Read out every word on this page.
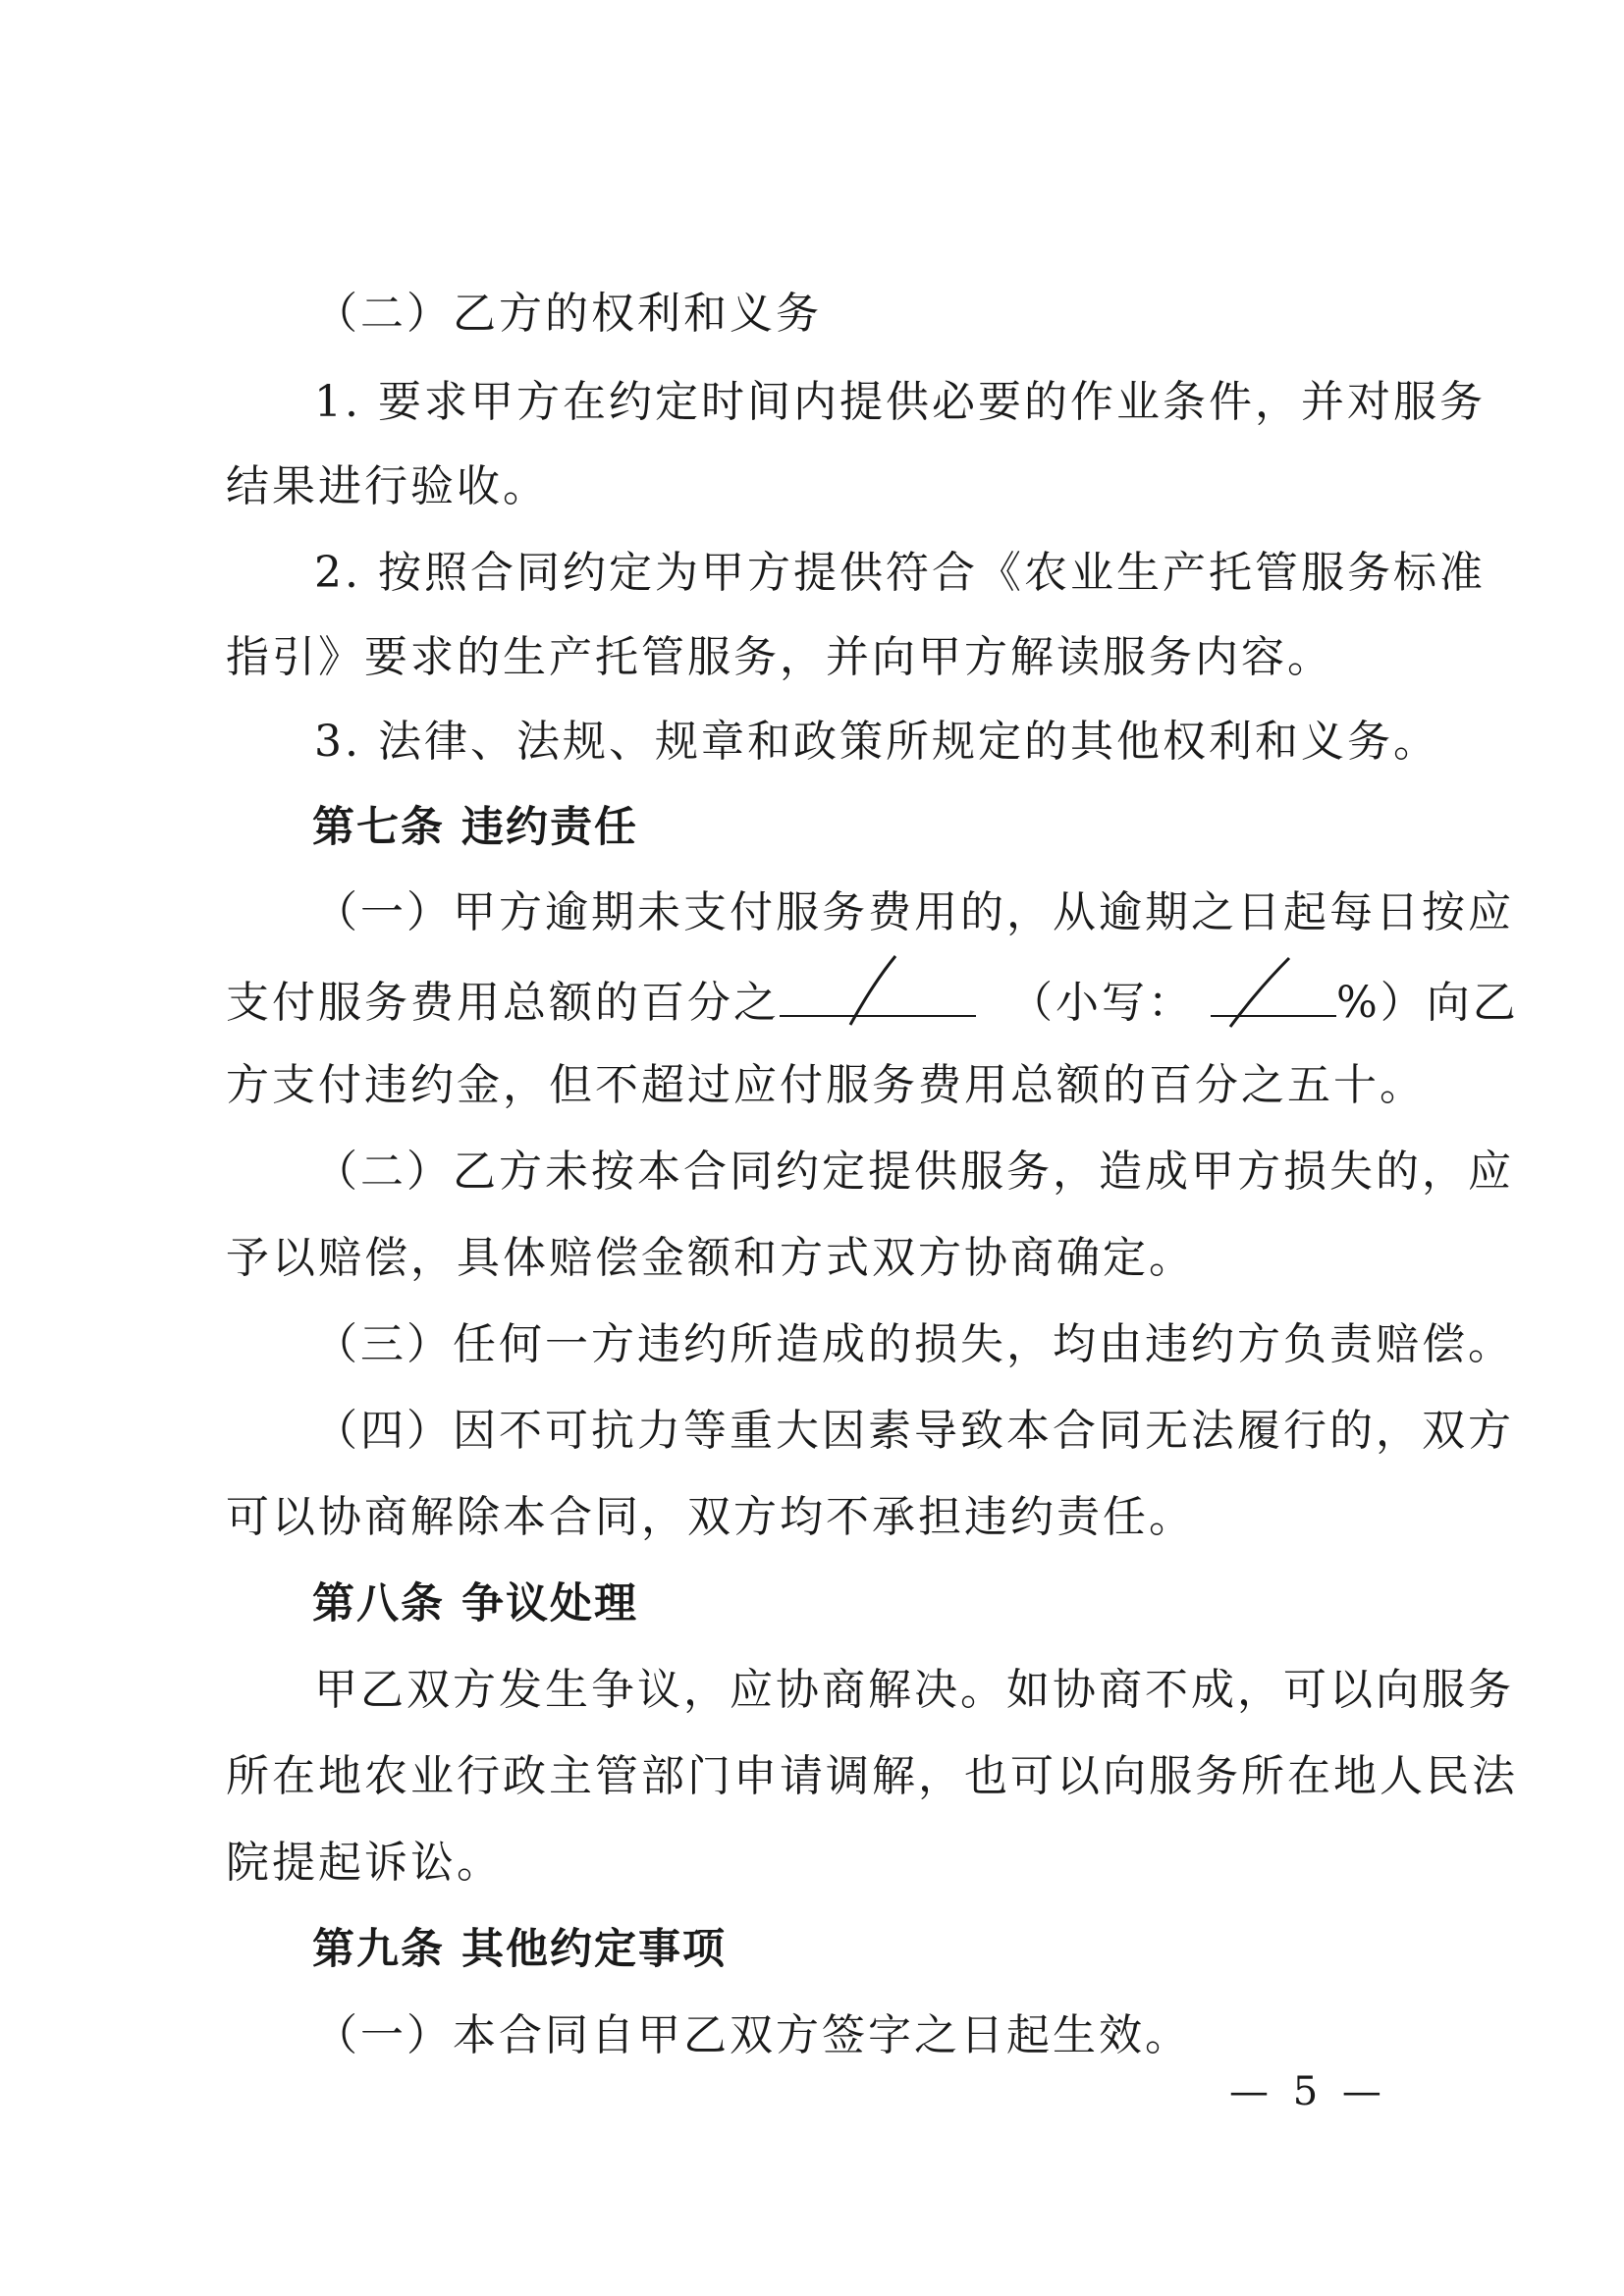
（二）乙方的权利和义务
1. 要求甲方在约定时间内提供必要的作业条件，并对服务
结果进行验收。
2. 按照合同约定为甲方提供符合《农业生产托管服务标准
指引》要求的生产托管服务，并向甲方解读服务内容。
3. 法律、法规、规章和政策所规定的其他权利和义务。
第七条 违约责任
（一）甲方逾期未支付服务费用的，从逾期之日起每日按应
支付服务费用总额的百分之	（小写：	%）向乙
方支付违约金，但不超过应付服务费用总额的百分之五十。
（二）乙方未按本合同约定提供服务，造成甲方损失的，应
予以赔偿，具体赔偿金额和方式双方协商确定。
（三）任何一方违约所造成的损失，均由违约方负责赔偿。
（四）因不可抗力等重大因素导致本合同无法履行的，双方
可以协商解除本合同，双方均不承担违约责任。
第八条 争议处理
甲乙双方发生争议，应协商解决。如协商不成，可以向服务
所在地农业行政主管部门申请调解，也可以向服务所在地人民法
院提起诉讼。
第九条 其他约定事项
（一）本合同自甲乙双方签字之日起生效。
— 5 —
